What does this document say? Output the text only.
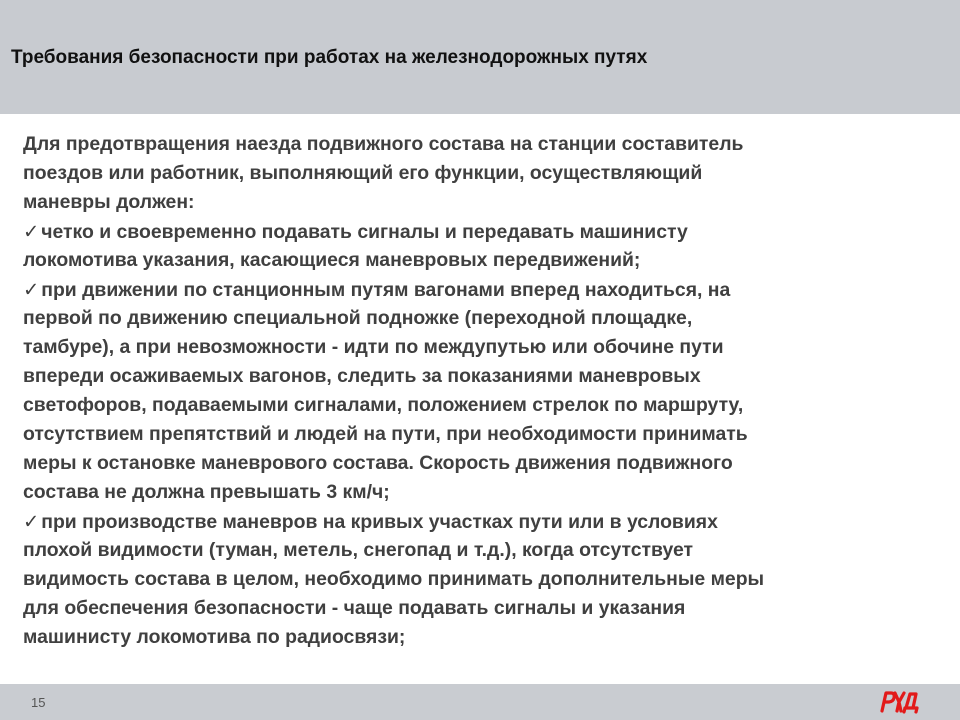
Требования безопасности при работах на железнодорожных путях
Для предотвращения наезда подвижного состава на станции составитель
поездов или работник, выполняющий его функции, осуществляющий
маневры должен:
✓ четко и своевременно подавать сигналы и передавать машинисту
локомотива указания, касающиеся маневровых передвижений;
✓ при движении по станционным путям вагонами вперед находиться, на
первой по движению специальной подножке (переходной площадке,
тамбуре), а при невозможности - идти по междупутью или обочине пути
впереди осаживаемых вагонов, следить за показаниями маневровых
светофоров, подаваемыми сигналами, положением стрелок по маршруту,
отсутствием препятствий и людей на пути, при необходимости принимать
меры к остановке маневрового состава. Скорость движения подвижного
состава не должна превышать 3 км/ч;
✓ при производстве маневров на кривых участках пути или в условиях
плохой видимости (туман, метель, снегопад и т.д.), когда отсутствует
видимость состава в целом, необходимо принимать дополнительные меры
для обеспечения безопасности - чаще подавать сигналы и указания
машинисту локомотива по радиосвязи;
15
